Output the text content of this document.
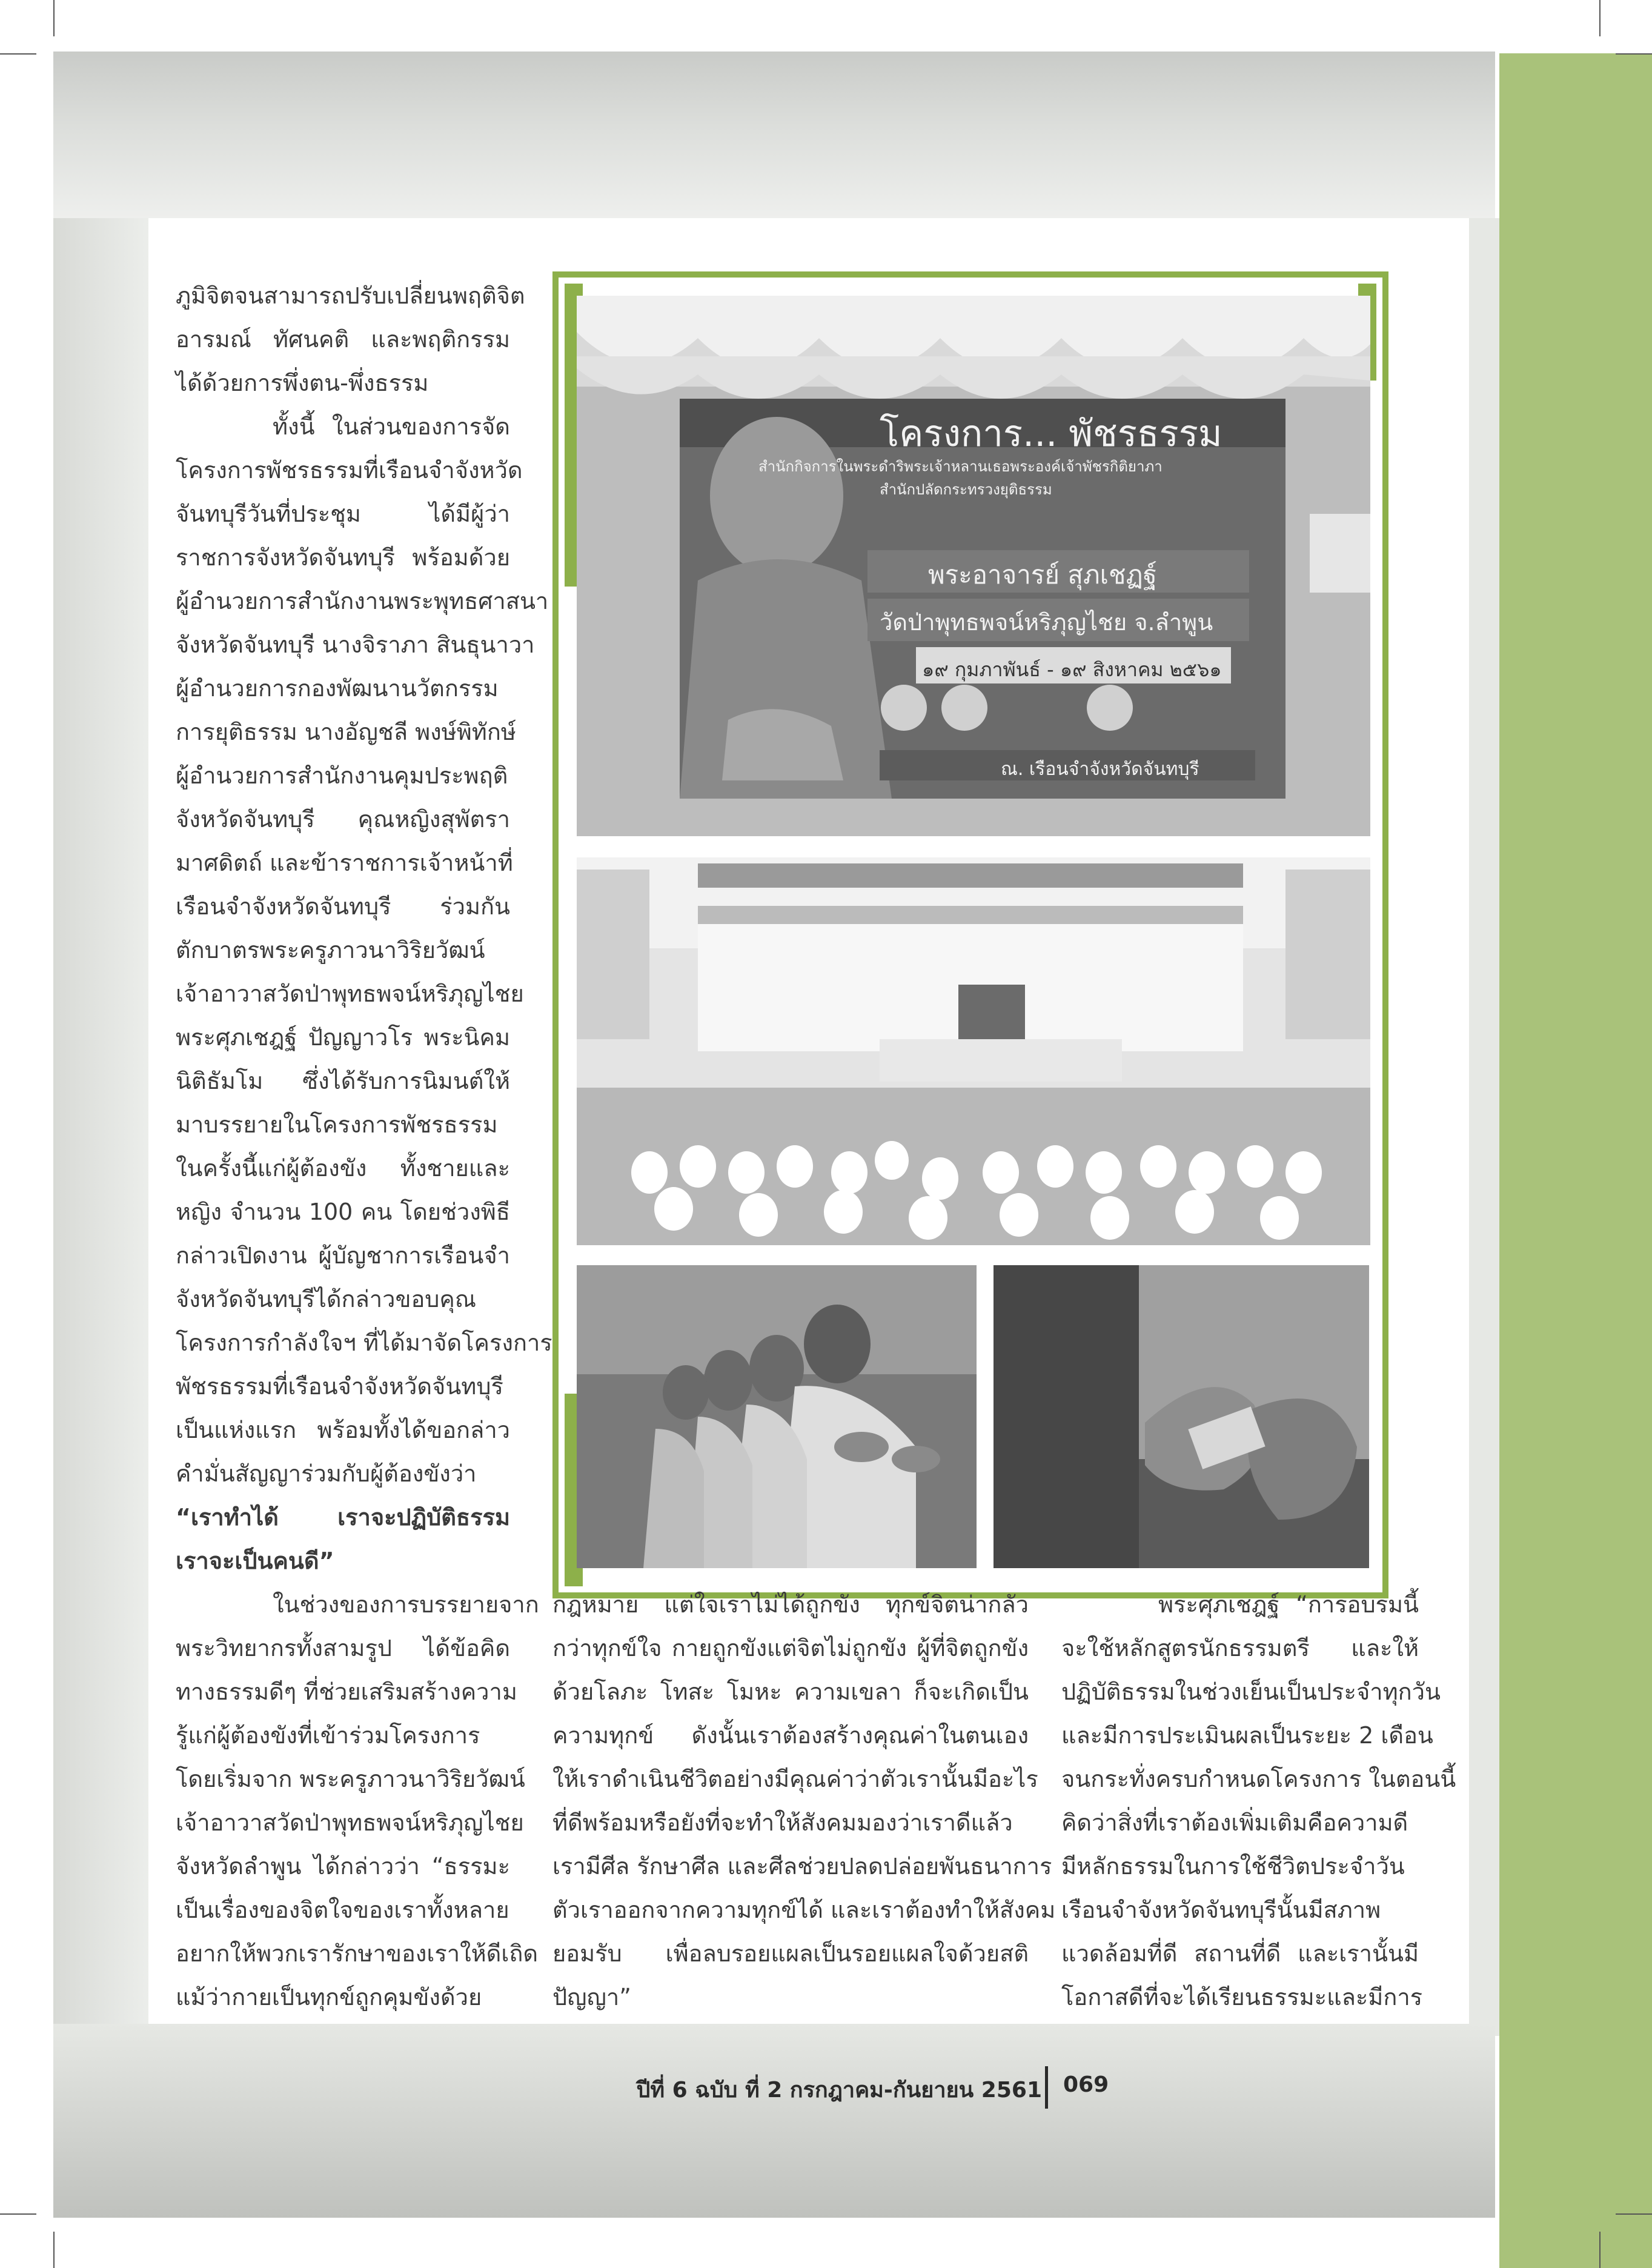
ภูมิจิตจนสามารถปรับเปลี่ยนพฤติจิต
อารมณ์ ทัศนคติ และพฤติกรรม
ได้ด้วยการพึ่งตน-พึ่งธรรม
ทั้งนี้ ในส่วนของการจัด
โครงการพัชรธรรมที่เรือนจำจังหวัด
จันทบุรีวันที่ประชุม ได้มีผู้ว่า
ราชการจังหวัดจันทบุรี พร้อมด้วย
ผู้อำนวยการสำนักงานพระพุทธศาสนา
จังหวัดจันทบุรี นางจิราภา สินธุนาวา
ผู้อำนวยการกองพัฒนานวัตกรรม
การยุติธรรม นางอัญชลี พงษ์พิทักษ์
ผู้อำนวยการสำนักงานคุมประพฤติ
จังหวัดจันทบุรี คุณหญิงสุพัตรา
มาศดิตถ์ และข้าราชการเจ้าหน้าที่
เรือนจำจังหวัดจันทบุรี ร่วมกัน
ตักบาตรพระครูภาวนาวิริยวัฒน์
เจ้าอาวาสวัดป่าพุทธพจน์หริภุญไชย
พระศุภเชฎฐ์ ปัญญาวโร พระนิคม
นิติธัมโม ซึ่งได้รับการนิมนต์ให้
มาบรรยายในโครงการพัชรธรรม
ในครั้งนี้แก่ผู้ต้องขัง ทั้งชายและ
หญิง จำนวน 100 คน โดยช่วงพิธี
กล่าวเปิดงาน ผู้บัญชาการเรือนจำ
จังหวัดจันทบุรีได้กล่าวขอบคุณ
โครงการกำลังใจฯ ที่ได้มาจัดโครงการ
พัชรธรรมที่เรือนจำจังหวัดจันทบุรี
เป็นแห่งแรก พร้อมทั้งได้ขอกล่าว
คำมั่นสัญญาร่วมกับผู้ต้องขังว่า
“เราทำได้ เราจะปฏิบัติธรรม
เราจะเป็นคนดี”
ในช่วงของการบรรยายจาก
พระวิทยากรทั้งสามรูป ได้ข้อคิด
ทางธรรมดีๆ ที่ช่วยเสริมสร้างความ
รู้แก่ผู้ต้องขังที่เข้าร่วมโครงการ
โดยเริ่มจาก พระครูภาวนาวิริยวัฒน์
เจ้าอาวาสวัดป่าพุทธพจน์หริภุญไชย
จังหวัดลำพูน ได้กล่าวว่า “ธรรมะ
เป็นเรื่องของจิตใจของเราทั้งหลาย
อยากให้พวกเรารักษาของเราให้ดีเถิด
แม้ว่ากายเป็นทุกข์ถูกคุมขังด้วย
โครงการ... พัชรธรรม
สำนักกิจการในพระดำริพระเจ้าหลานเธอพระองค์เจ้าพัชรกิติยาภา
สำนักปลัดกระทรวงยุติธรรม
พระอาจารย์ สุภเชฏฐ์
วัดป่าพุทธพจน์หริภุญไชย จ.ลำพูน
๑๙ กุมภาพันธ์ - ๑๙ สิงหาคม ๒๕๖๑
ณ. เรือนจำจังหวัดจันทบุรี
กฎหมาย แต่ใจเราไม่ได้ถูกขัง ทุกข์จิตน่ากลัว
กว่าทุกข์ใจ กายถูกขังแต่จิตไม่ถูกขัง ผู้ที่จิตถูกขัง
ด้วยโลภะ โทสะ โมหะ ความเขลา ก็จะเกิดเป็น
ความทุกข์ ดังนั้นเราต้องสร้างคุณค่าในตนเอง
ให้เราดำเนินชีวิตอย่างมีคุณค่าว่าตัวเรานั้นมีอะไร
ที่ดีพร้อมหรือยังที่จะทำให้สังคมมองว่าเราดีแล้ว
เรามีศีล รักษาศีล และศีลช่วยปลดปล่อยพันธนาการ
ตัวเราออกจากความทุกข์ได้ และเราต้องทำให้สังคม
ยอมรับ เพื่อลบรอยแผลเป็นรอยแผลใจด้วยสติ
ปัญญา”
พระศุภเชฎฐ์ “การอบรมนี้
จะใช้หลักสูตรนักธรรมตรี และให้
ปฏิบัติธรรมในช่วงเย็นเป็นประจำทุกวัน
และมีการประเมินผลเป็นระยะ 2 เดือน
จนกระทั่งครบกำหนดโครงการ ในตอนนี้
คิดว่าสิ่งที่เราต้องเพิ่มเติมคือความดี
มีหลักธรรมในการใช้ชีวิตประจำวัน
เรือนจำจังหวัดจันทบุรีนั้นมีสภาพ
แวดล้อมที่ดี สถานที่ดี และเรานั้นมี
โอกาสดีที่จะได้เรียนธรรมะและมีการ
ปีที่ 6 ฉบับ ที่ 2 กรกฎาคม-กันยายน 2561 069
